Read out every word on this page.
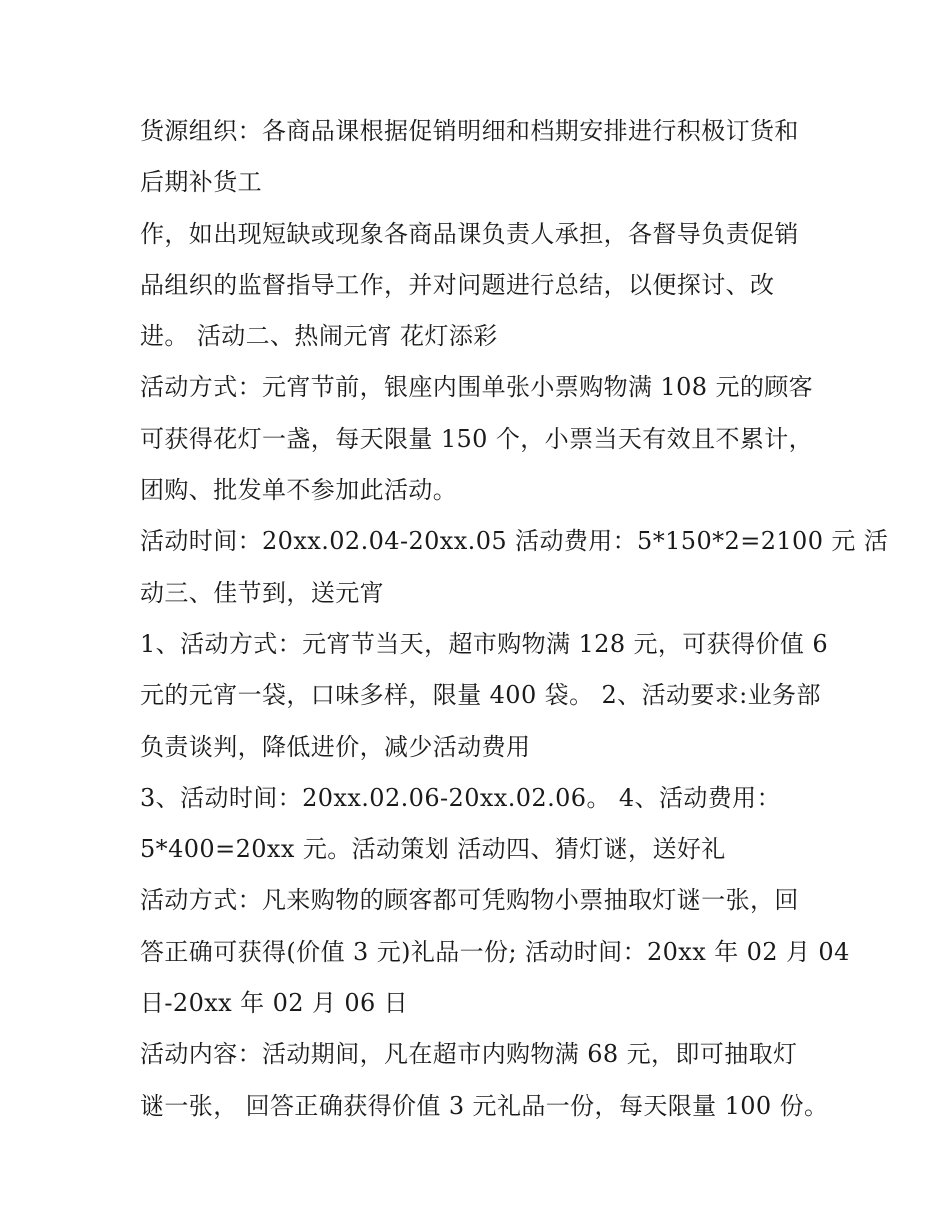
货源组织：各商品课根据促销明细和档期安排进行积极订货和
后期补货工
作，如出现短缺或现象各商品课负责人承担，各督导负责促销
品组织的监督指导工作，并对问题进行总结，以便探讨、改
进。 活动二、热闹元宵 花灯添彩
活动方式：元宵节前，银座内围单张小票购物满 108 元的顾客
可获得花灯一盏，每天限量 150 个，小票当天有效且不累计，
团购、批发单不参加此活动。
活动时间：20xx.02.04-20xx.05 活动费用：5*150*2=2100 元 活
动三、佳节到，送元宵
1、活动方式：元宵节当天，超市购物满 128 元，可获得价值 6
元的元宵一袋，口味多样，限量 400 袋。 2、活动要求:业务部
负责谈判，降低进价，减少活动费用
3、活动时间：20xx.02.06-20xx.02.06。 4、活动费用：
5*400=20xx 元。活动策划 活动四、猜灯谜，送好礼
活动方式：凡来购物的顾客都可凭购物小票抽取灯谜一张，回
答正确可获得(价值 3 元)礼品一份; 活动时间：20xx 年 02 月 04
日-20xx 年 02 月 06 日
活动内容：活动期间，凡在超市内购物满 68 元，即可抽取灯
谜一张， 回答正确获得价值 3 元礼品一份，每天限量 100 份。
